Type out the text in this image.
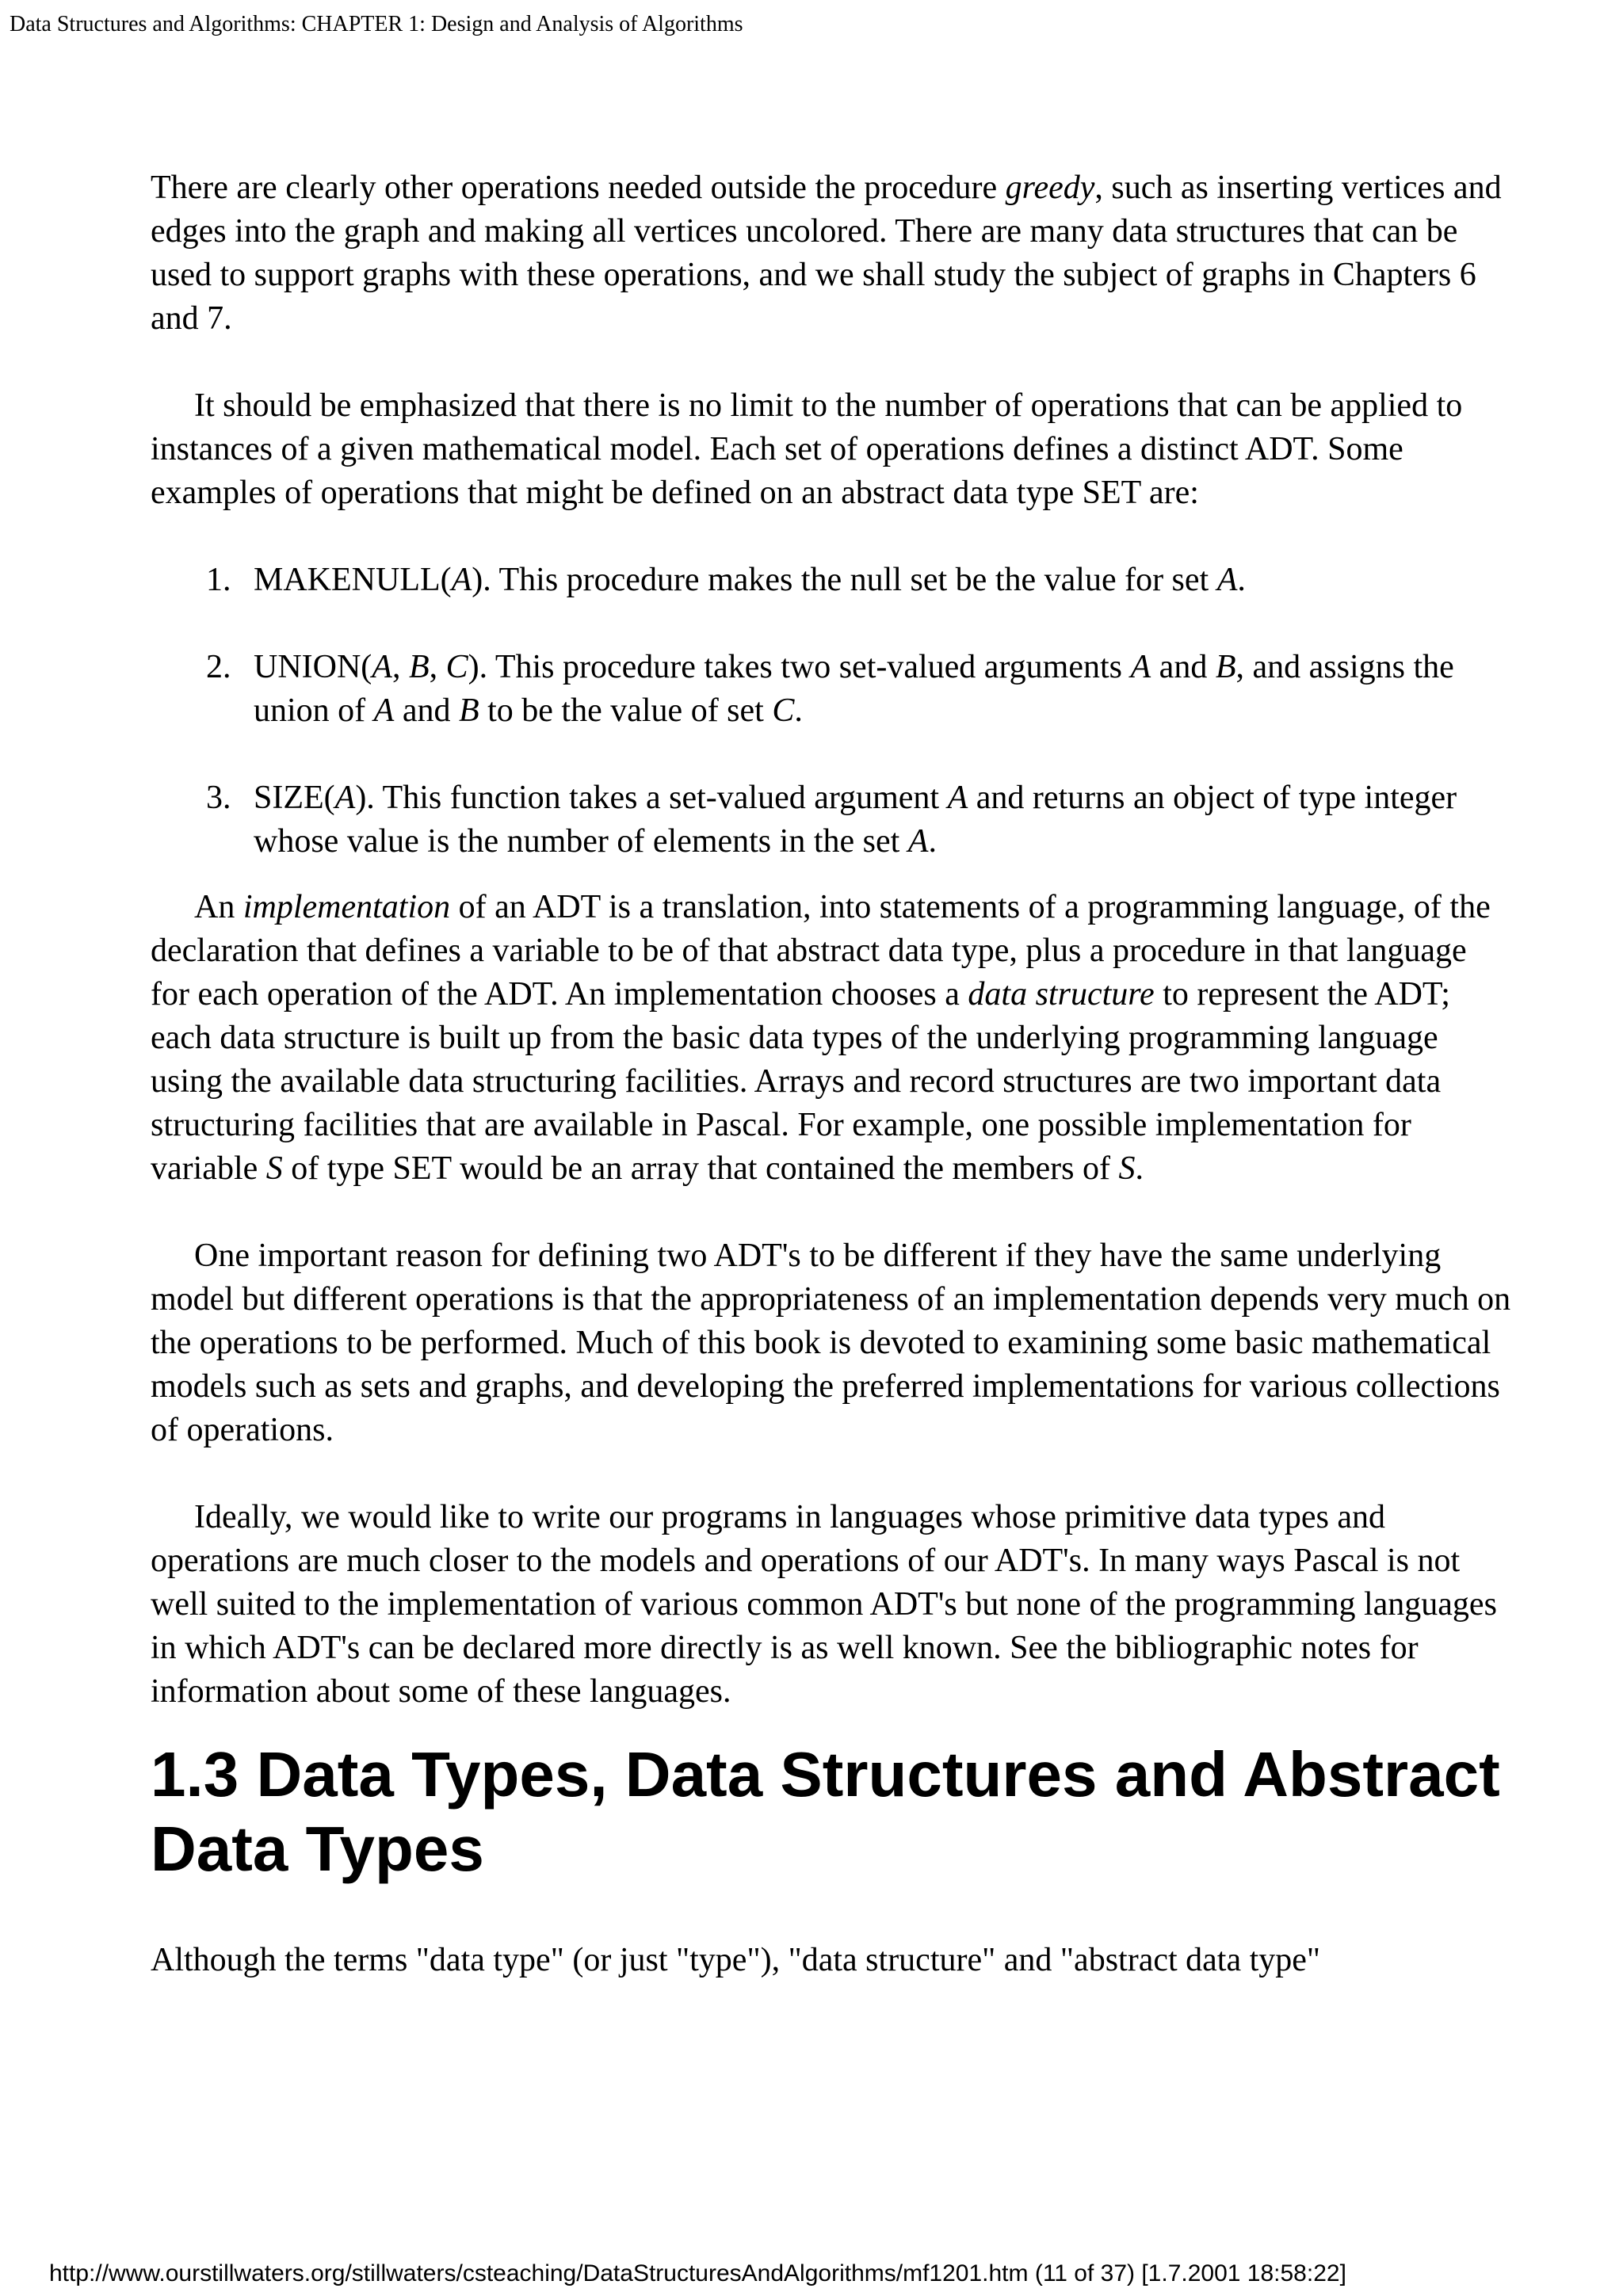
Data Structures and Algorithms: CHAPTER 1: Design and Analysis of Algorithms

There are clearly other operations needed outside the procedure greedy, such as inserting vertices and edges into the graph and making all vertices uncolored. There are many data structures that can be used to support graphs with these operations, and we shall study the subject of graphs in Chapters 6 and 7.

It should be emphasized that there is no limit to the number of operations that can be applied to instances of a given mathematical model. Each set of operations defines a distinct ADT. Some examples of operations that might be defined on an abstract data type SET are:

1. MAKENULL(A). This procedure makes the null set be the value for set A.
2. UNION(A, B, C). This procedure takes two set-valued arguments A and B, and assigns the union of A and B to be the value of set C.
3. SIZE(A). This function takes a set-valued argument A and returns an object of type integer whose value is the number of elements in the set A.

An implementation of an ADT is a translation, into statements of a programming language, of the declaration that defines a variable to be of that abstract data type, plus a procedure in that language for each operation of the ADT. An implementation chooses a data structure to represent the ADT; each data structure is built up from the basic data types of the underlying programming language using the available data structuring facilities. Arrays and record structures are two important data structuring facilities that are available in Pascal. For example, one possible implementation for variable S of type SET would be an array that contained the members of S.

One important reason for defining two ADT's to be different if they have the same underlying model but different operations is that the appropriateness of an implementation depends very much on the operations to be performed. Much of this book is devoted to examining some basic mathematical models such as sets and graphs, and developing the preferred implementations for various collections of operations.

Ideally, we would like to write our programs in languages whose primitive data types and operations are much closer to the models and operations of our ADT's. In many ways Pascal is not well suited to the implementation of various common ADT's but none of the programming languages in which ADT's can be declared more directly is as well known. See the bibliographic notes for information about some of these languages.

1.3 Data Types, Data Structures and Abstract Data Types

Although the terms "data type" (or just "type"), "data structure" and "abstract data type"

http://www.ourstillwaters.org/stillwaters/csteaching/DataStructuresAndAlgorithms/mf1201.htm (11 of 37) [1.7.2001 18:58:22]
